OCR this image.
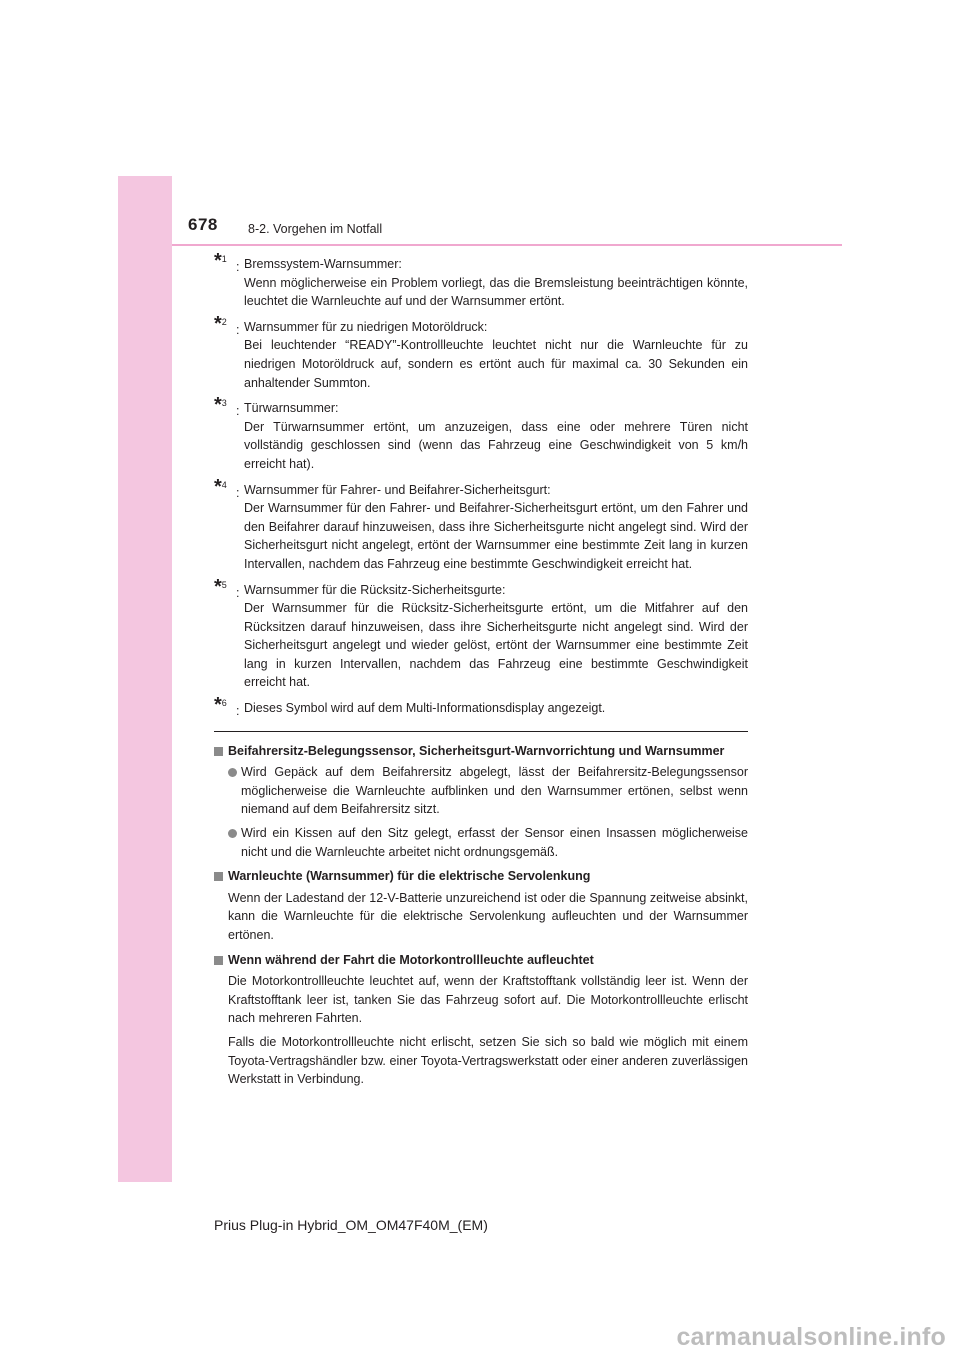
678 8-2. Vorgehen im Notfall
*$^1$
: Bremssystem-Warnsummer:

Wenn möglicherweise ein Problem vorliegt, das die Bremsleistung beeinträchtigen könnte, leuchtet die Warnleuchte auf und der Warnsummer ertönt.

*$^2$
: Warnsummer für zu niedrigen Motoröldruck:

Bei leuchtender “READY”-Kontrollleuchte leuchtet nicht nur die Warnleuchte für zu niedrigen Motoröldruck auf, sondern es ertönt auch für maximal ca. 30 Sekunden ein anhaltender Summton.

*$^3$
: Türwarnsummer:

Der Türwarnsummer ertönt, um anzuzeigen, dass eine oder mehrere Türen nicht vollständig geschlossen sind (wenn das Fahrzeug eine Geschwindigkeit von 5 km/h erreicht hat).

*$^4$
: Warnsummer für Fahrer- und Beifahrer-Sicherheitsgurt:

Der Warnsummer für den Fahrer- und Beifahrer-Sicherheitsgurt ertönt, um den Fahrer und den Beifahrer darauf hinzuweisen, dass ihre Sicherheitsgurte nicht angelegt sind. Wird der Sicherheitsgurt nicht angelegt, ertönt der Warnsummer eine bestimmte Zeit lang in kurzen Intervallen, nachdem das Fahrzeug eine bestimmte Geschwindigkeit erreicht hat.

*$^5$
: Warnsummer für die Rücksitz-Sicherheitsgurte:

Der Warnsummer für die Rücksitz-Sicherheitsgurte ertönt, um die Mitfahrer auf den Rücksitzen darauf hinzuweisen, dass ihre Sicherheitsgurte nicht angelegt sind. Wird der Sicherheitsgurt angelegt und wieder gelöst, ertönt der Warnsummer eine bestimmte Zeit lang in kurzen Intervallen, nachdem das Fahrzeug eine bestimmte Geschwindigkeit erreicht hat.

*$^6$
: Dieses Symbol wird auf dem Multi-Informationsdisplay angezeigt.

Beifahrersitz-Belegungssensor, Sicherheitsgurt-Warnvorrichtung und Warnsummer

Wird Gepäck auf dem Beifahrersitz abgelegt, lässt der Beifahrersitz-Belegungssensor möglicherweise die Warnleuchte aufblinken und den Warnsummer ertönen, selbst wenn niemand auf dem Beifahrersitz sitzt.

Wird ein Kissen auf den Sitz gelegt, erfasst der Sensor einen Insassen möglicherweise nicht und die Warnleuchte arbeitet nicht ordnungsgemäß.

Warnleuchte (Warnsummer) für die elektrische Servolenkung

Wenn der Ladestand der 12-V-Batterie unzureichend ist oder die Spannung zeitweise absinkt, kann die Warnleuchte für die elektrische Servolenkung aufleuchten und der Warnsummer ertönen.

Wenn während der Fahrt die Motorkontrollleuchte aufleuchtet

Die Motorkontrollleuchte leuchtet auf, wenn der Kraftstofftank vollständig leer ist. Wenn der Kraftstofftank leer ist, tanken Sie das Fahrzeug sofort auf. Die Motorkontrollleuchte erlischt nach mehreren Fahrten.

Falls die Motorkontrollleuchte nicht erlischt, setzen Sie sich so bald wie möglich mit einem Toyota-Vertragshändler bzw. einer Toyota-Vertragswerkstatt oder einer anderen zuverlässigen Werkstatt in Verbindung.

Prius Plug-in Hybrid_OM_OM47F40M_(EM)
carmanualsonline.info
